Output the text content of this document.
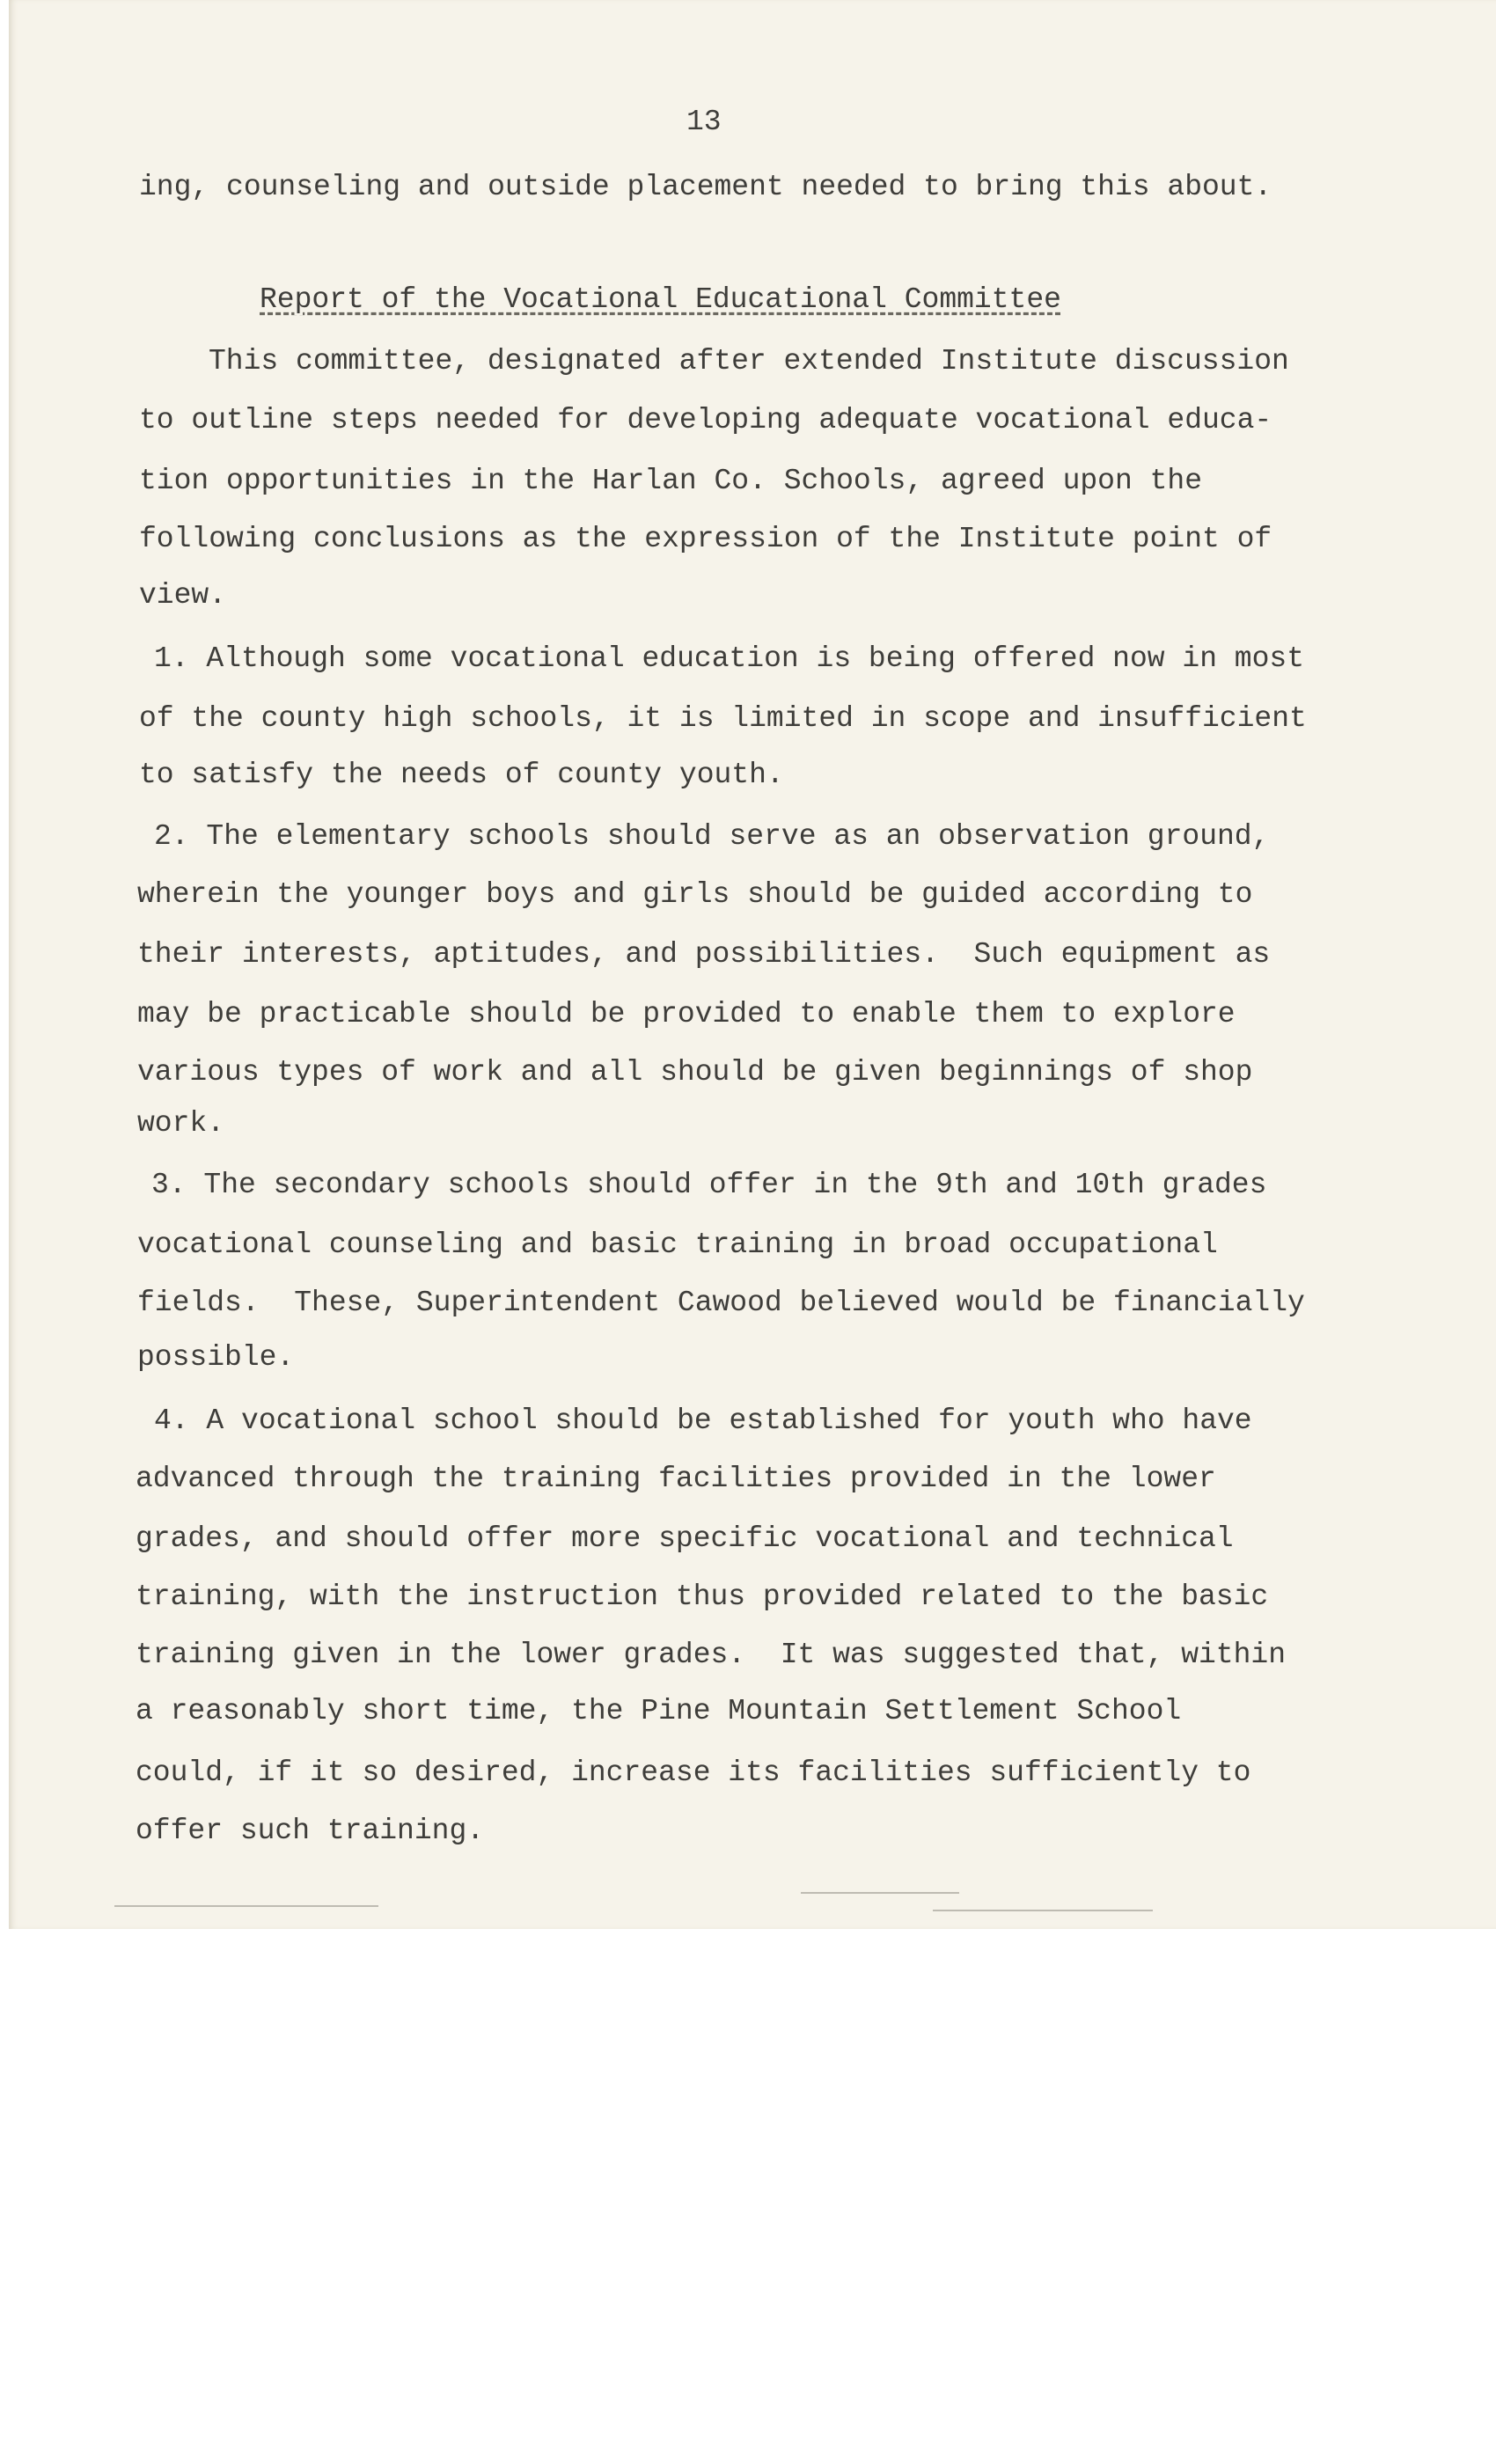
13
ing, counseling and outside placement needed to bring this about.
Report of the Vocational Educational Committee
This committee, designated after extended Institute discussion
to outline steps needed for developing adequate vocational educa-
tion opportunities in the Harlan Co. Schools, agreed upon the
following conclusions as the expression of the Institute point of
view.
1. Although some vocational education is being offered now in most
of the county high schools, it is limited in scope and insufficient
to satisfy the needs of county youth.
2. The elementary schools should serve as an observation ground,
wherein the younger boys and girls should be guided according to
their interests, aptitudes, and possibilities.  Such equipment as
may be practicable should be provided to enable them to explore
various types of work and all should be given beginnings of shop
work.
3. The secondary schools should offer in the 9th and 10th grades
vocational counseling and basic training in broad occupational
fields.  These, Superintendent Cawood believed would be financially
possible.
4. A vocational school should be established for youth who have
advanced through the training facilities provided in the lower
grades, and should offer more specific vocational and technical
training, with the instruction thus provided related to the basic
training given in the lower grades.  It was suggested that, within
a reasonably short time, the Pine Mountain Settlement School
could, if it so desired, increase its facilities sufficiently to
offer such training.
